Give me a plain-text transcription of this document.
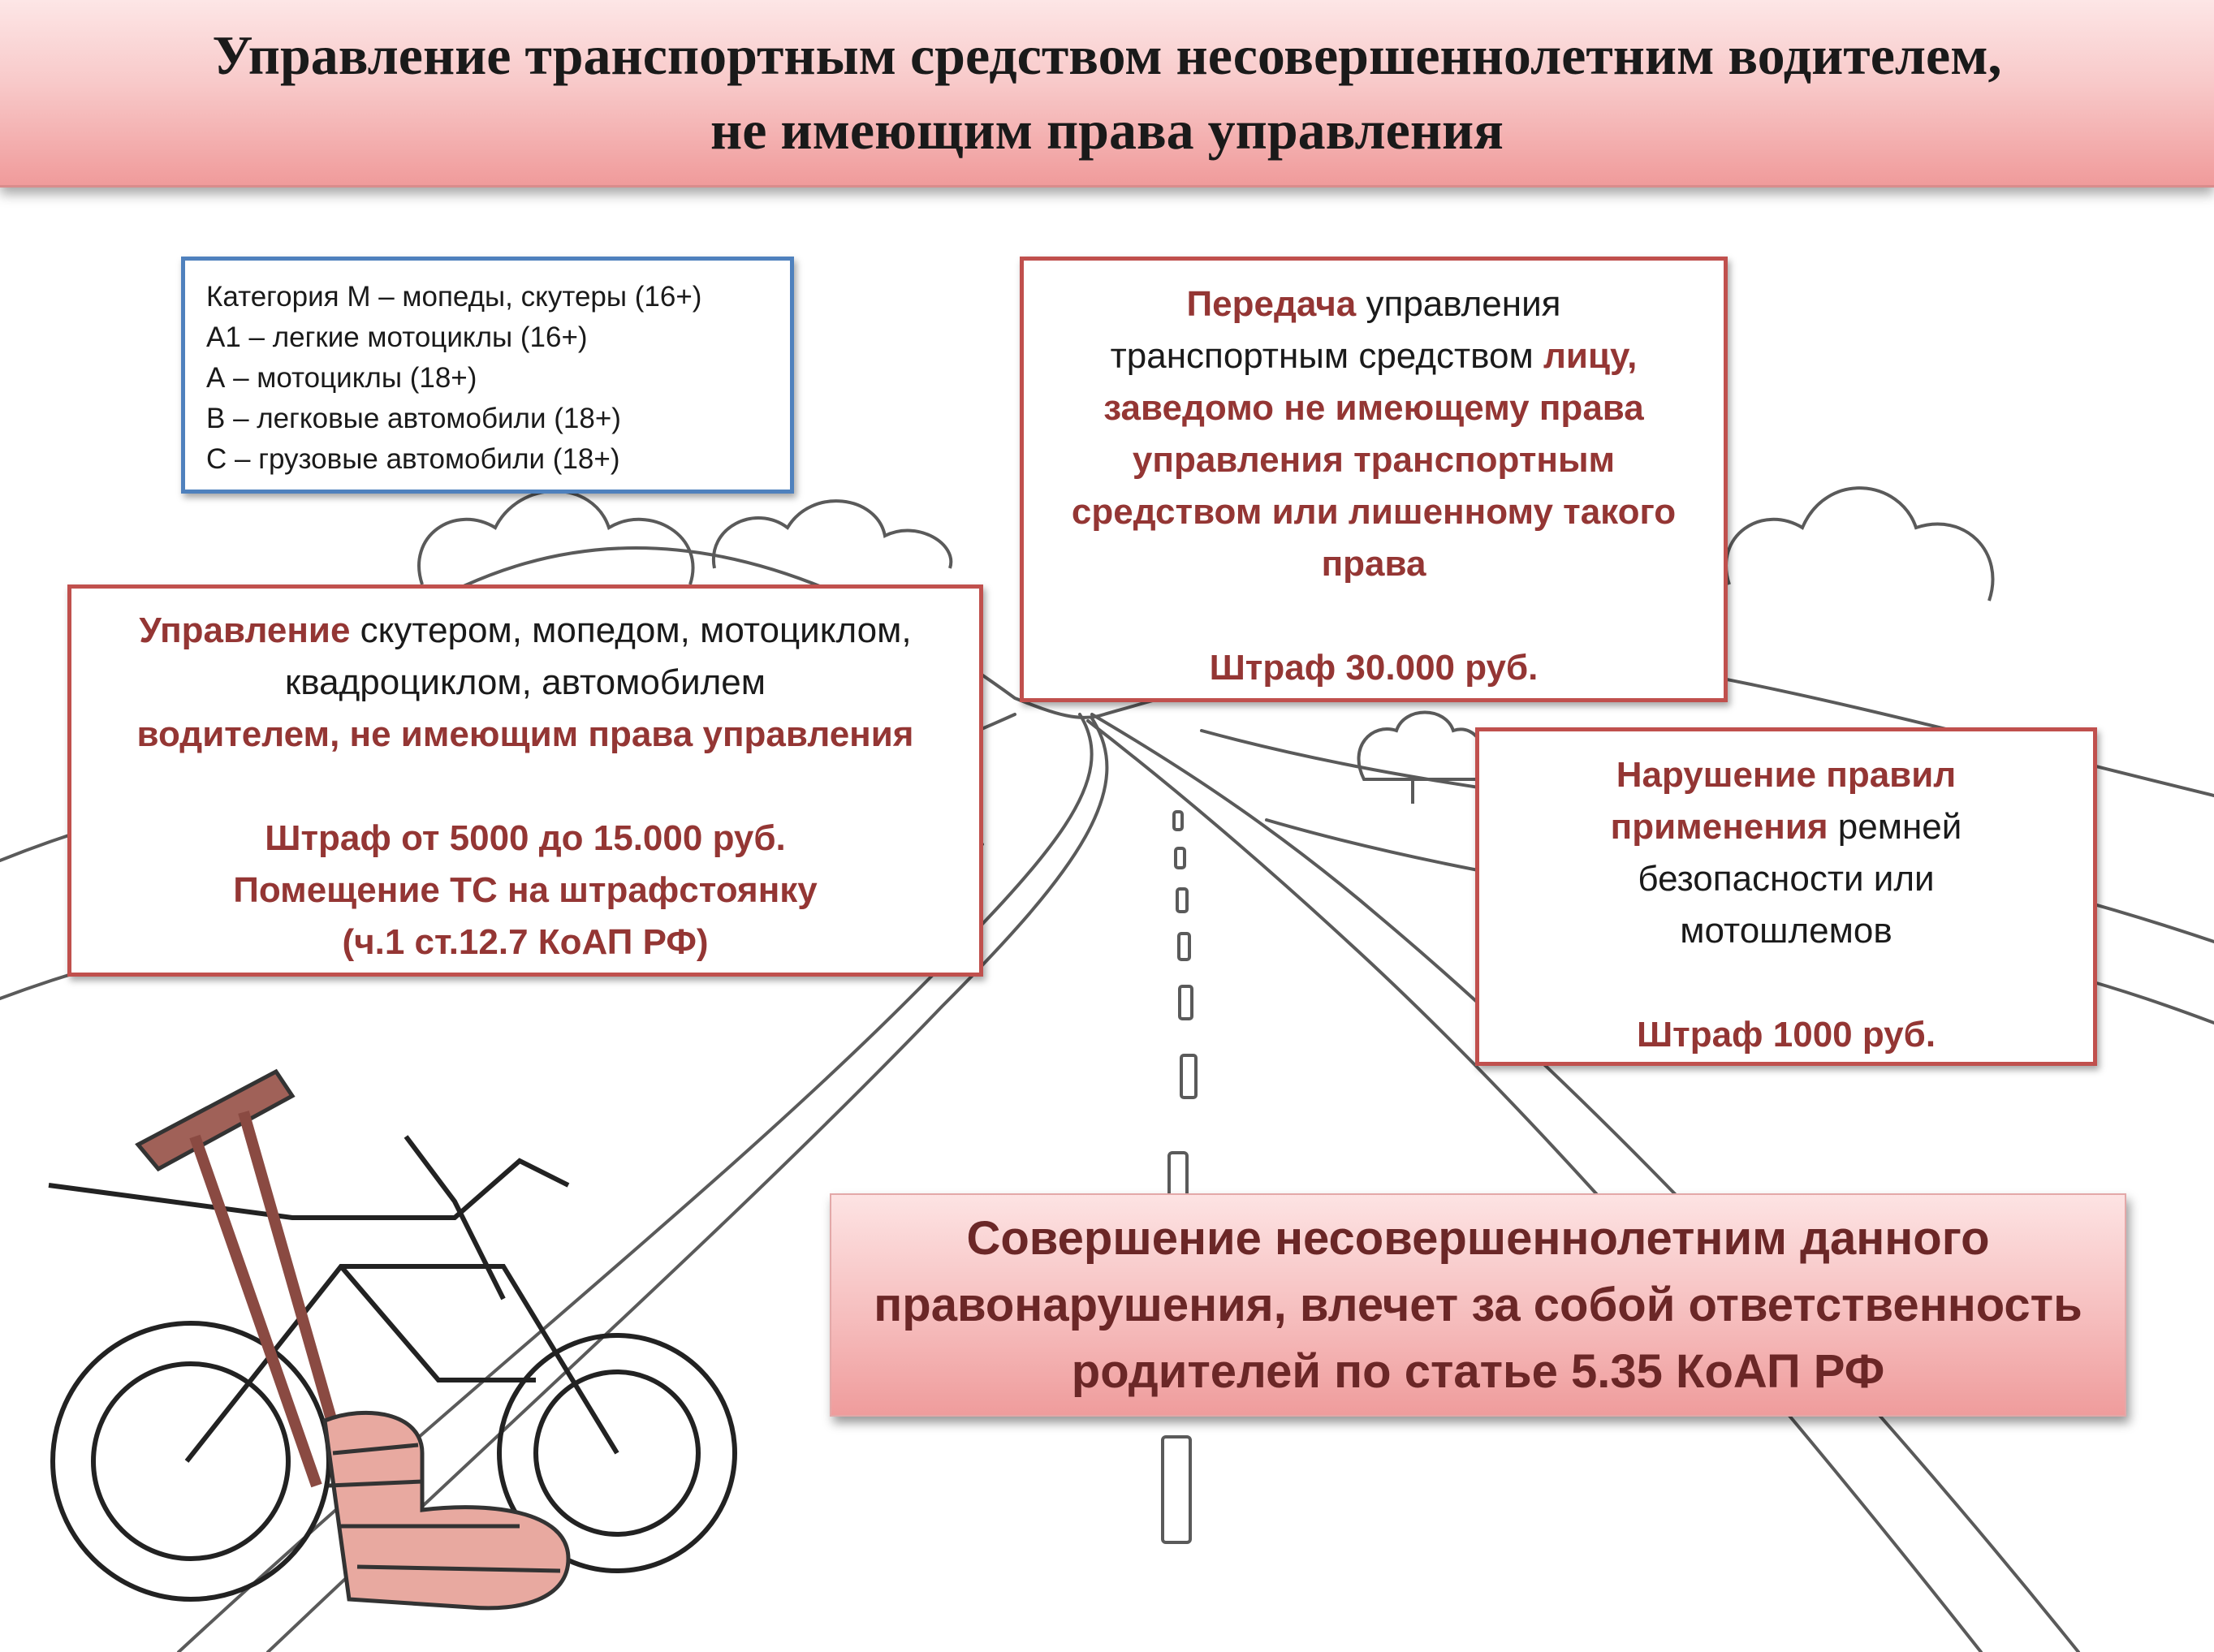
Управление транспортным средством несовершеннолетним водителем,
не имеющим права управления
Категория М – мопеды, скутеры (16+)
А1 – легкие мотоциклы (16+)
А – мотоциклы (18+)
В – легковые автомобили (18+)
С – грузовые автомобили (18+)
Управление скутером, мопедом, мотоциклом,
квадроциклом, автомобилем
водителем, не имеющим права управления
Штраф от 5000 до 15.000 руб.
Помещение ТС на штрафстоянку
(ч.1 ст.12.7 КоАП РФ)
Передача управления
транспортным средством лицу,
заведомо не имеющему права
управления транспортным
средством или лишенному такого
права
Штраф 30.000 руб.
Нарушение правил
применения ремней
безопасности или
мотошлемов
Штраф 1000 руб.
Совершение несовершеннолетним данного
правонарушения, влечет за собой ответственность
родителей по статье 5.35 КоАП РФ
